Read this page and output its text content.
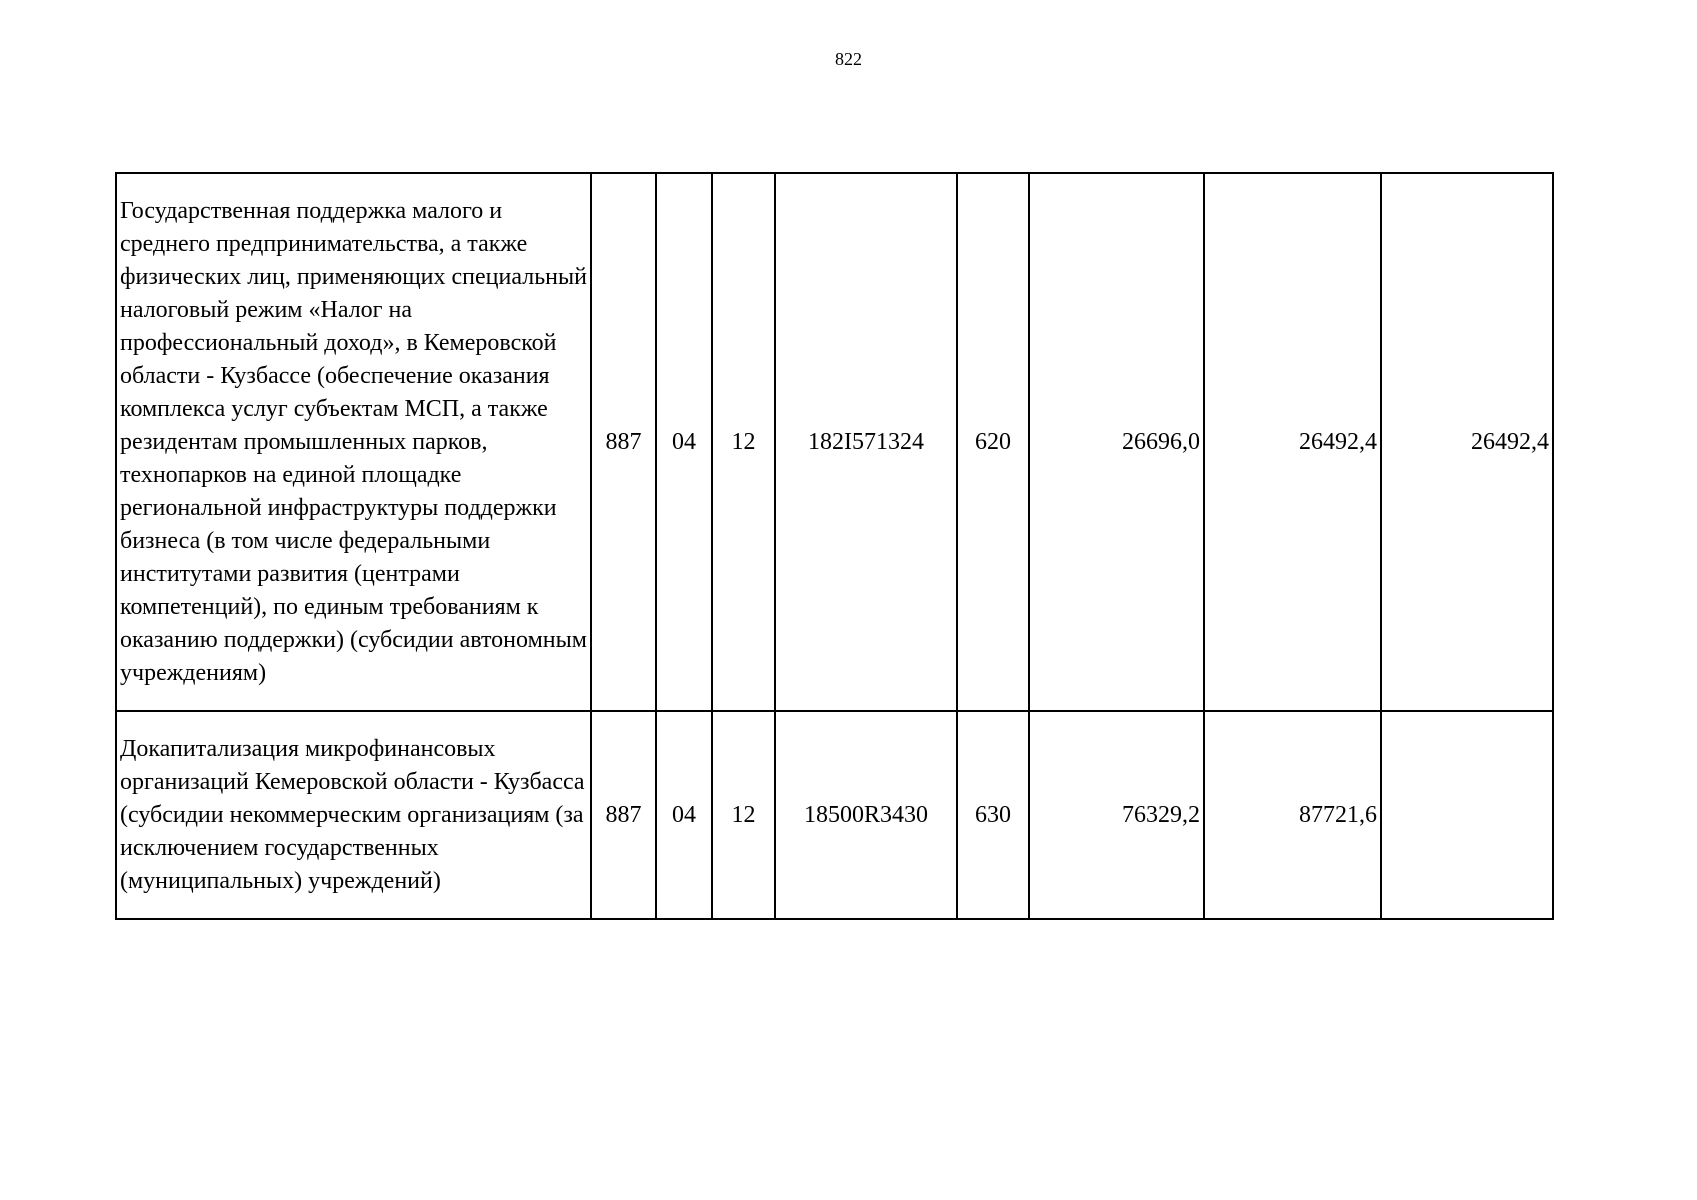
822
Государственная поддержка малого и среднего предпринимательства, а также физических лиц, применяющих специальный налоговый режим «Налог на профессиональный доход», в Кемеровской области - Кузбассе (обеспечение оказания комплекса услуг субъектам МСП, а также резидентам промышленных парков, технопарков на единой площадке региональной инфраструктуры поддержки бизнеса (в том числе федеральными институтами развития (центрами компетенций), по единым требованиям к оказанию поддержки) (субсидии автономным учреждениям)	887	04	12	182I571324	620	26696,0	26492,4	26492,4
Докапитализация микрофинансовых организаций Кемеровской области - Кузбасса (субсидии некоммерческим организациям (за исключением государственных (муниципальных) учреждений)	887	04	12	18500R3430	630	76329,2	87721,6	
